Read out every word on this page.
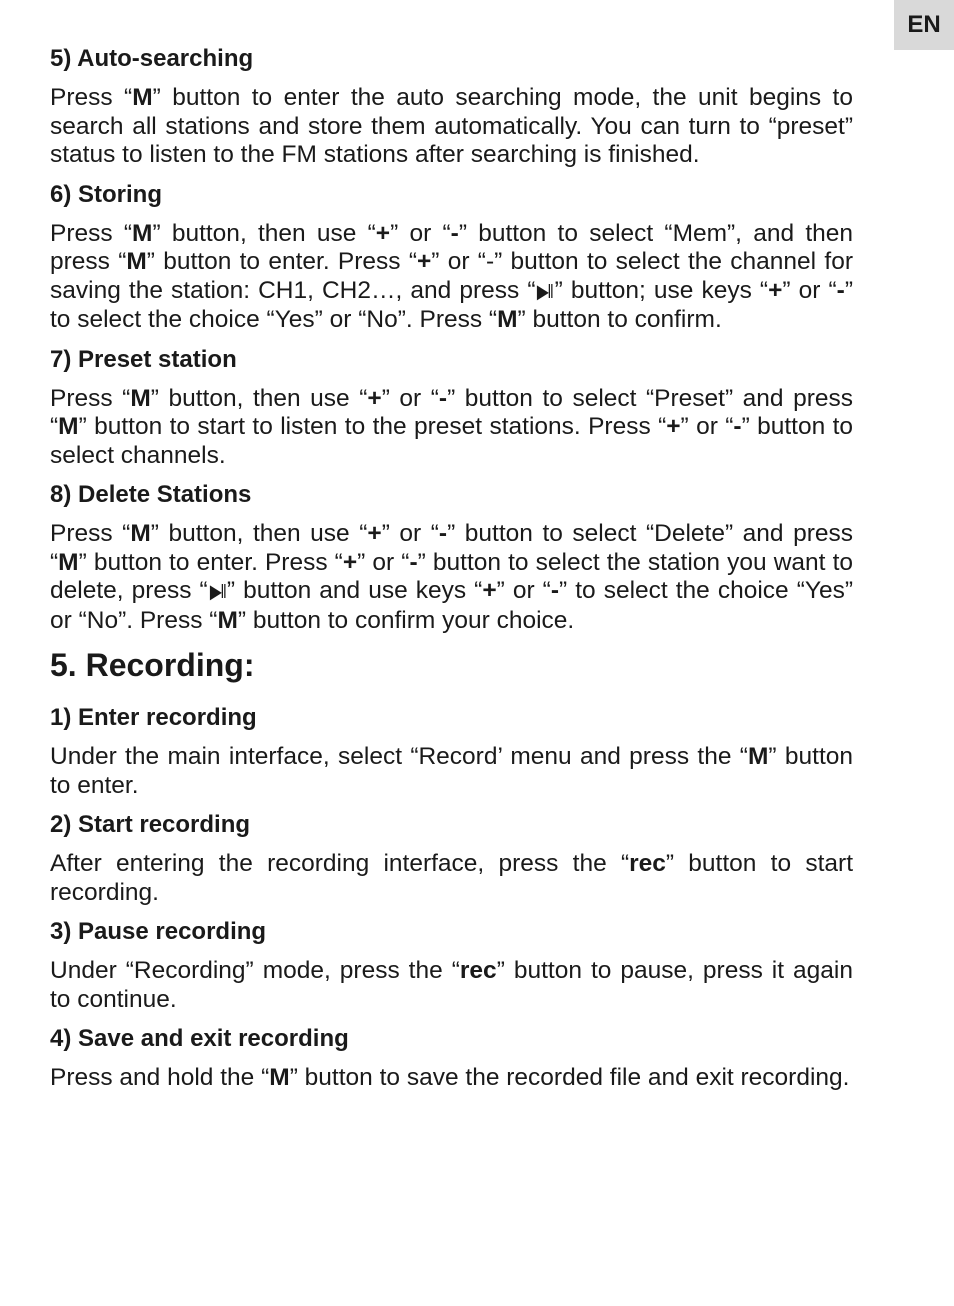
EN
5) Auto-searching

Press “M” button to enter the auto searching mode, the unit begins to search all stations and store them automatically. You can turn to “preset” status to listen to the FM stations after searching is finished.

6) Storing

Press “M” button, then use “+” or “-” button to select “Mem”, and then press “M” button to enter. Press “+” or “-” button to select the channel for saving the station: CH1, CH2…, and press “▶‖” button; use keys “+” or “-” to select the choice “Yes” or “No”. Press “M” button to confirm.

7) Preset station

Press “M” button, then use “+” or “-” button to select “Preset” and press “M” button to start to listen to the preset stations. Press “+” or “-” button to select channels.

8) Delete Stations

Press “M” button, then use “+” or “-” button to select “Delete” and press “M” button to enter. Press “+” or “-” button to select the station you want to delete, press “▶‖” button and use keys “+” or “-” to select the choice “Yes” or “No”. Press “M” button to confirm your choice.

5. Recording:
1) Enter recording

Under the main interface, select “Record’ menu and press the “M” button to enter.

2) Start recording

After entering the recording interface, press the “rec” button to start recording.

3) Pause recording

Under “Recording” mode, press the “rec” button to pause, press it again to continue.

4) Save and exit recording

Press and hold the “M” button to save the recorded file and exit recording.
